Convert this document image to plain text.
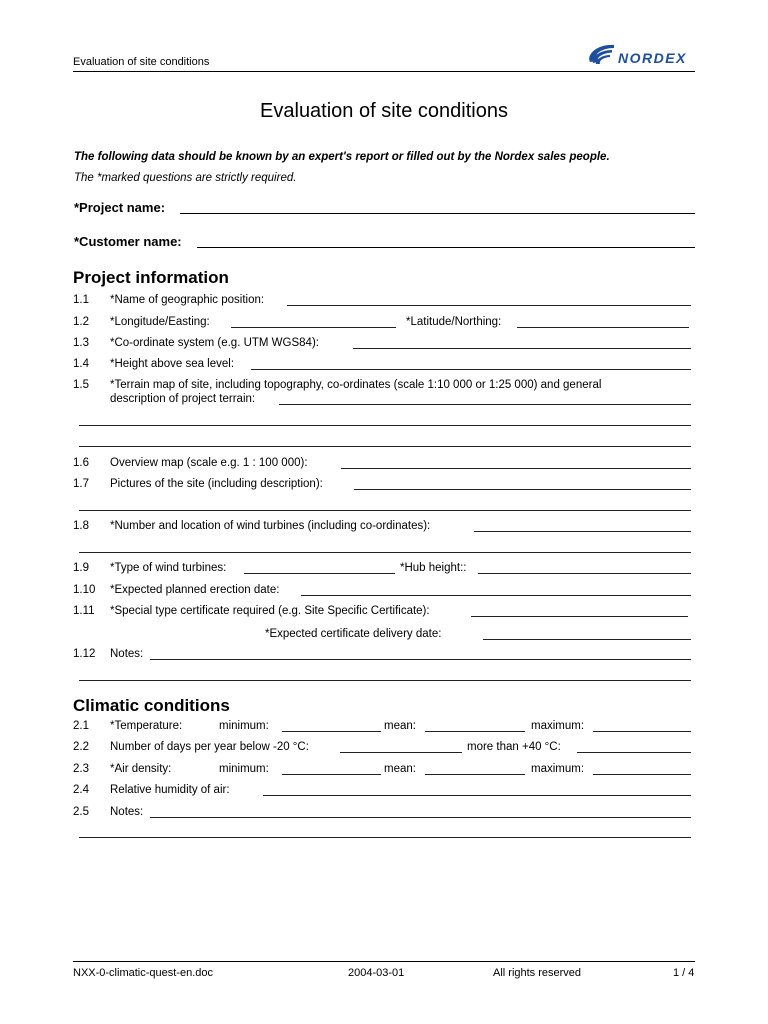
Evaluation of site conditions	NORDEX
Evaluation of site conditions
The following data should be known by an expert's report or filled out by the Nordex sales people.
The *marked questions are strictly required.
*Project name:
*Customer name:
Project information
1.1 *Name of geographic position:
1.2 *Longitude/Easting:	*Latitude/Northing:
1.3 *Co-ordinate system (e.g. UTM WGS84):
1.4 *Height above sea level:
1.5 *Terrain map of site, including topography, co-ordinates (scale 1:10 000 or 1:25 000) and general
description of project terrain:
1.6 Overview map (scale e.g. 1 : 100 000):
1.7 Pictures of the site (including description):
1.8 *Number and location of wind turbines (including co-ordinates):
1.9 *Type of wind turbines:	*Hub height::
1.10 *Expected planned erection date:
1.11 *Special type certificate required (e.g. Site Specific Certificate):
*Expected certificate delivery date:
1.12 Notes:
Climatic conditions
2.1 *Temperature:	minimum:	mean:	maximum:
2.2 Number of days per year below -20 °C:	more than +40 °C:
2.3 *Air density:	minimum:	mean:	maximum:
2.4 Relative humidity of air:
2.5 Notes:
NXX-0-climatic-quest-en.doc	2004-03-01	All rights reserved	1 / 4
